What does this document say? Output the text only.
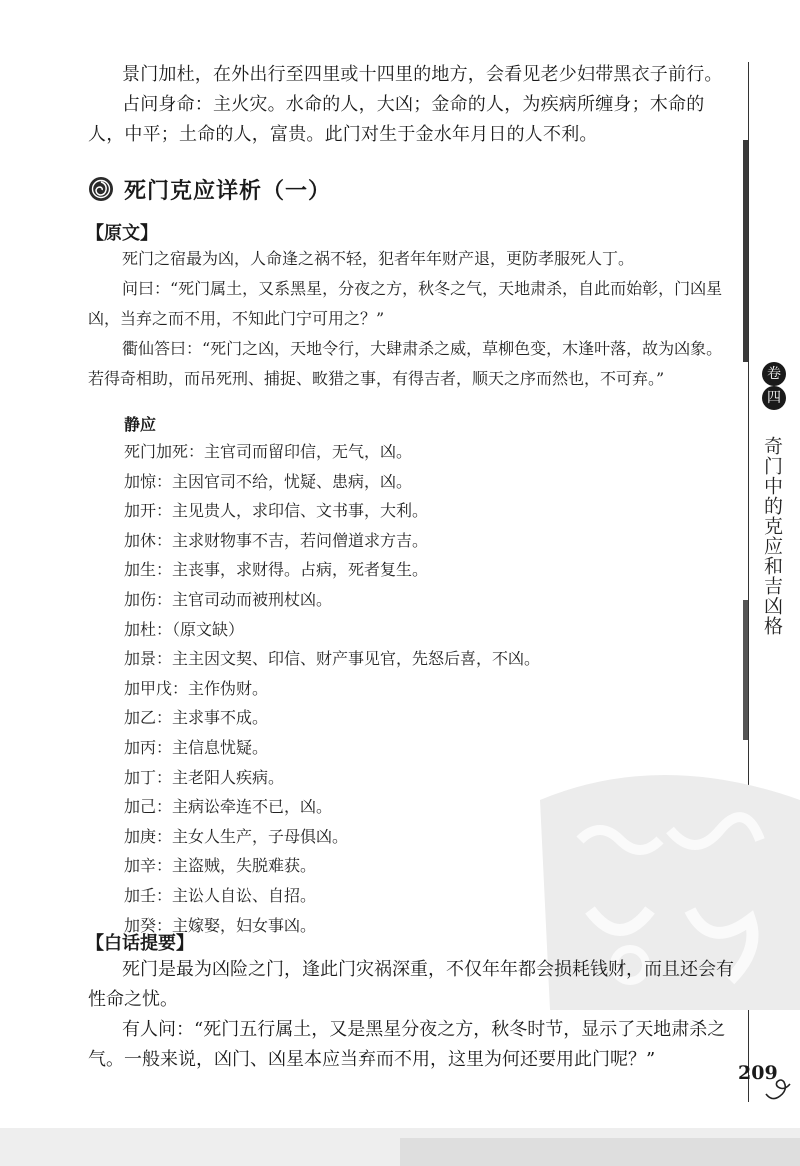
景门加杜，在外出行至四里或十四里的地方，会看见老少妇带黑衣子前行。

占问身命：主火灾。水命的人，大凶；金命的人，为疾病所缠身；木命的人，中平；土命的人，富贵。此门对生于金水年月日的人不利。

死门克应详析（一）
【原文】

死门之宿最为凶，人命逢之祸不轻，犯者年年财产退，更防孝服死人丁。

问曰：“死门属土，又系黑星，分夜之方，秋冬之气，天地肃杀，自此而始彰，门凶星凶，当弃之而不用，不知此门宁可用之？”

衢仙答曰：“死门之凶，天地令行，大肆肃杀之威，草柳色变，木逢叶落，故为凶象。若得奇相助，而吊死刑、捕捉、畋猎之事，有得吉者，顺天之序而然也，不可弃。”

静应
死门加死：主官司而留印信，无气，凶。
加惊：主因官司不给，忧疑、患病，凶。
加开：主见贵人，求印信、文书事，大利。
加休：主求财物事不吉，若问僧道求方吉。
加生：主丧事，求财得。占病，死者复生。
加伤：主官司动而被刑杖凶。
加杜：（原文缺）
加景：主主因文契、印信、财产事见官，先怒后喜，不凶。
加甲戊：主作伪财。
加乙：主求事不成。
加丙：主信息忧疑。
加丁：主老阳人疾病。
加己：主病讼牵连不已，凶。
加庚：主女人生产，子母俱凶。
加辛：主盗贼，失脱难获。
加壬：主讼人自讼、自招。
加癸：主嫁娶，妇女事凶。
【白话提要】

死门是最为凶险之门，逢此门灾祸深重，不仅年年都会损耗钱财，而且还会有性命之忧。

有人问：“死门五行属土，又是黑星分夜之方，秋冬时节，显示了天地肃杀之气。一般来说，凶门、凶星本应当弃而不用，这里为何还要用此门呢？”

卷
四
奇门中的克应和吉凶格
209
